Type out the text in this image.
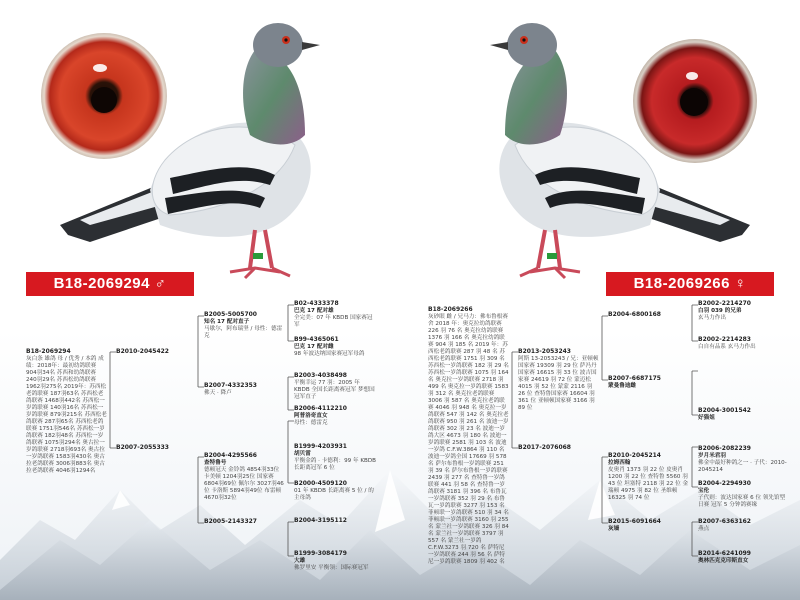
B18-2069294 ♂	B18-2069266 ♀
B18-2069294
灰白条 雄鸽 母 / 优秀 / 本鸽 成绩：2018年：最初幼鸽联赛 904羽34名 苏西和幼鸽联赛 240羽29名 苏西松幼鸽联赛 1962羽275名 2019年：苏西松老鸽联赛 187羽63名 苏西松老鸽联赛 1468羽442名 苏西松一岁鸽联赛 140羽16名 苏西松一岁鸽联赛 879羽215名 苏西松老鸽联赛 287羽65名 苏西松老鸽联赛 1751羽546名 苏西松一岁鸽联赛 182羽48名 苏西松一岁鸽联赛 1075羽294名 奥古拉一岁鸽联赛 2718羽693名 奥古拉一岁鸽联赛 1583羽430名 奥古拉老鸽联赛 3006羽883名 奥古拉老鸽联赛 4046羽1294名
B2010-2045422
B2007-2055333
B2005-5005700
知名 17 配对直子
马歇尔，阿布瑞坚 / 母性：德雷克
B2007-4332353
佛天 · 降卢
B2004-4295566
查特鲁号
德顿冠天 金铃鸽 4854羽33位 卡美顿 1204羽25位 国家赛 6804羽69位 佩尔尔 3027羽46位 卡洛斯 5894羽49位 布雷顿 4670羽32位
B2005-2143327
B02-4333378
巴克 17 配对雄
全完美：07 年 KBDB 国家赛冠军
B99-4365061
巴克 17 配对雌
98 年波达纳国家赛冠军母鸽
B2003-4038498
平衡幸运 77 羽：2005 年 KBDB 全国长距离赛冠军 梦想国冠军直子
B2006-4112210
阿普洛奇直女
母性：德雷克
B1999-4203931
胡贝雷
平衡金鸽 · 卡德利：99 年 KBDB 长距离冠军 6 位
B2000-4509120
01 年 KBDB 长距离赛 5 位 / 的主母鸽
B2004-3195112
B1999-3084179
大雄
佛罗里安 平衡领：国际赛冠军
B18-2069266
灰砂眼 雌 / 兄马力：佛布鲁根赛舍 2018 年：奥克拉幼鸽联赛 226 羽 76 名 奥克拉幼鸽联赛 1376 羽 166 名 奥克拉幼鸽联赛 904 羽 185 名 2019 年：苏西松老鸽联赛 287 羽 48 名 苏西松老鸽联赛 1751 羽 309 名 苏西松一岁鸽联赛 182 羽 29 名 苏西松一岁鸽联赛 1075 羽 164 名 奥克拉一岁鸽联赛 2718 羽 499 名 奥克拉一岁鸽联赛 1583 羽 312 名 奥克拉老鸽联赛 3006 羽 587 名 奥克拉老鸽联赛 4046 羽 948 名 奥克拉一岁鸽联赛 547 羽 142 名 奥克拉老鸽联赛 950 羽 261 名 波迪一岁鸽联赛 302 羽 23 名 波迪一岁鸽大区 4673 羽 180 名 波迪一岁鸽联赛 2581 羽 103 名 波迪一岁鸽 C.F.W.3864 羽 110 名 波迪一岁鸽全国 17669 羽 578 名 萨尔布鲁根一岁鸽联赛 251 羽 39 名 萨尔布鲁根一岁鸽联赛 2439 羽 277 名 查特鲁一岁鸽联赛 441 羽 58 名 查特鲁一岁鸽联赛 3181 羽 396 名 布鲁瓦一岁鸽联赛 352 羽 29 名 布鲁瓦一岁鸽联赛 3277 羽 153 名 菲顿联一岁鸽联赛 510 羽 34 名 菲顿联一岁鸽联赛 3160 羽 255 名 蒙兰社一岁鸽联赛 326 羽 84 名 蒙兰社一岁鸽联赛 3797 羽 557 名 蒙兰社一岁鸽 C.F.W.3273 羽 720 名 萨特尼一岁鸽联赛 244 羽 56 名 萨特尼一岁鸽联赛 1809 羽 402 名
B2013-2053243
阿斯 13-2053243 / 兄：亚顿顿国家赛 19309 羽 29 位 萨冯丹国家赛 16615 羽 33 位 波吉国家赛 24619 羽 72 位 蒙迈松 4015 羽 52 位 蒙蒙 2116 羽 26 位 查特鲁国家赛 16604 羽 361 位 亚顿顿国家赛 3166 羽 89 位
B2017-2076068
B2004-6800168
B2007-6687175
蒙曼鲁迪雌
B2010-2045214
拉姆西翰
皮奥肖 1373 羽 22 位 皮奥肖 1200 羽 22 位 查特鲁 5560 羽 43 位 坦塞特 2118 羽 22 位 金瑞顿 4975 羽 82 位 圣维顿 16325 羽 74 位
B2015-6091664
灰墙
B2002-2214270
白羽 039 的兄弟
玄马力作出
B2002-2214283
白自有品系 玄马力作出
B2004-3001542
好猫姐
B2006-2082239
岁月米君羽
佛金中最好种鸽之一 · 子代：2010-2045214
B2004-2294930
宝伦
子代则：波达国家赛 6 位 领先馆型日赛 冠军 5 分钟鸽赛缘
B2007-6363162
燕点
B2014-6241099
奥林匹克克印斯直女
